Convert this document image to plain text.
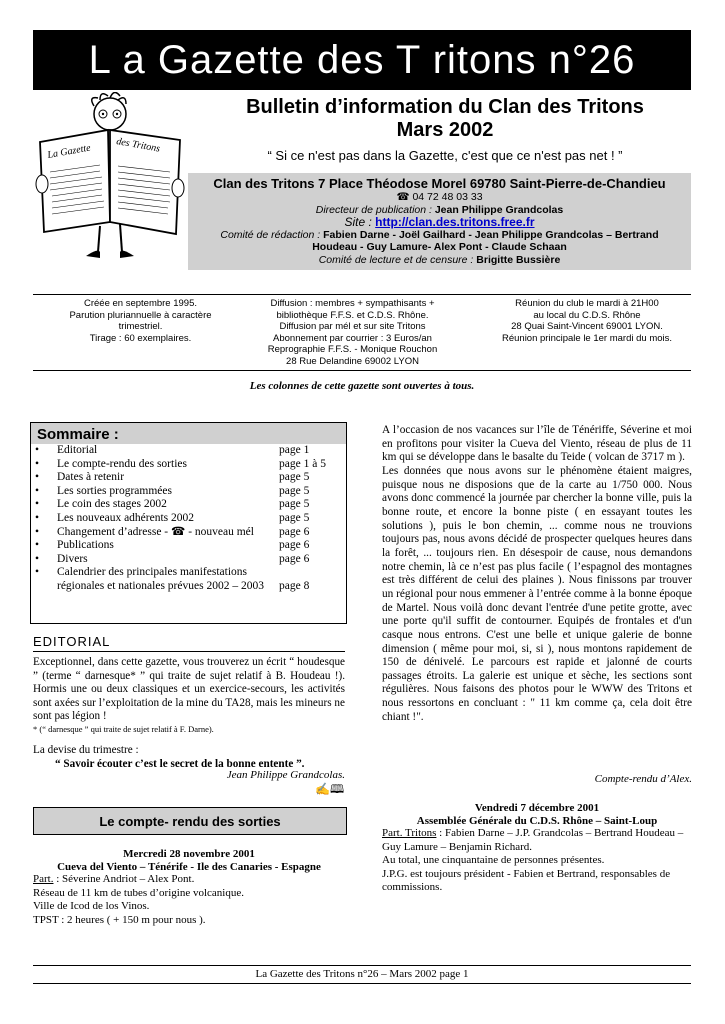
L a Gazette des T ritons n°26
La Gazette des Tritons
Bulletin d’information du Clan des Tritons
Mars 2002
“ Si ce n'est pas dans la Gazette, c'est que ce n'est pas net ! ”
Clan des Tritons 7 Place Théodose Morel 69780 Saint-Pierre-de-Chandieu
☎ 04 72 48 03 33
Directeur de publication : Jean Philippe Grandcolas
Site : http://clan.des.tritons.free.fr
Comité de rédaction : Fabien Darne - Joël Gailhard - Jean Philippe Grandcolas – Bertrand
Houdeau - Guy Lamure- Alex Pont - Claude Schaan
Comité de lecture et de censure : Brigitte Bussière
Créée en septembre 1995.
Parution pluriannuelle à caractère
trimestriel.
Tirage : 60 exemplaires.
Diffusion : membres + sympathisants +
bibliothèque F.F.S. et C.D.S. Rhône.
Diffusion par mél et sur site Tritons
Abonnement par courrier : 3 Euros/an
Reprographie F.F.S. - Monique Rouchon
28 Rue Delandine 69002 LYON
Réunion du club le mardi à 21H00
au local du C.D.S. Rhône
28 Quai Saint-Vincent 69001 LYON.
Réunion principale le 1er mardi du mois.
Les colonnes de cette gazette sont ouvertes à tous.
Sommaire :
•	Editorial	page 1
•	Le compte-rendu des sorties	page 1 à 5
•	Dates à retenir	page 5
•	Les sorties programmées	page 5
•	Le coin des stages 2002	page 5
•	Les nouveaux adhérents 2002	page 5
•	Changement d’adresse - ☎ - nouveau mél	page 6
•	Publications	page 6
•	Divers	page 6
•	Calendrier des principales manifestations régionales et nationales prévues 2002 – 2003	page 8
EDITORIAL
Exceptionnel, dans cette gazette, vous trouverez un écrit “ houdesque ” (terme “ darnesque* ” qui traite de sujet relatif à B. Houdeau !). Hormis une ou deux classiques et un exercice-secours, les activités sont axées sur l’exploitation de la mine du TA28, mais les mineurs ne sont pas légion !
* (“ darnesque ” qui traite de sujet relatif à F. Darne).
La devise du trimestre :
“ Savoir écouter c’est le secret de la bonne entente ”.
Jean Philippe Grandcolas.
✍🕮
Le compte- rendu des sorties
Mercredi 28 novembre 2001
Cueva del Viento – Ténérife - Ile des Canaries - Espagne
Part. : Séverine Andriot – Alex Pont.
Réseau de 11 km de tubes d’origine volcanique.
Ville de Icod de los Vinos.
TPST : 2 heures ( + 150 m pour nous ).

A l’occasion de nos vacances sur l’île de Ténériffe, Séverine et moi en profitons pour visiter la Cueva del Viento, réseau de plus de 11 km qui se développe dans le basalte du Teide ( volcan de 3717 m ).

Les données que nous avons sur le phénomène étaient maigres, puisque nous ne disposions que de la carte au 1/750 000. Nous avons donc commencé la journée par chercher la bonne ville, puis la bonne route, et encore la bonne piste ( en essayant toutes les solutions ), puis le bon chemin, ... comme nous ne trouvions toujours pas, nous avons décidé de prospecter quelques heures dans la forêt, ... toujours rien. En désespoir de cause, nous demandons notre chemin, là ce n’est pas plus facile ( l’espagnol des montagnes est très différent de celui des plaines ). Nous finissons par trouver un régional pour nous emmener à l’entrée comme à la bonne époque de Martel. Nous voilà donc devant l'entrée d'une petite grotte, avec une porte qu'il suffit de contourner. Equipés de frontales et d'un casque nous entrons. C'est une belle et unique galerie de bonne dimension ( même pour moi, si, si ), nous montons rapidement de 150 de dénivelé. Le parcours est rapide et jalonné de courts passages étroits. La galerie est unique et sèche, les sections sont régulières. Nous faisons des photos pour le WWW des Tritons et nous ressortons en concluant : " 11 km comme ça, cela doit être chiant !".

Compte-rendu d’Alex.
Vendredi 7 décembre 2001
Assemblée Générale du C.D.S. Rhône – Saint-Loup
Part. Tritons : Fabien Darne – J.P. Grandcolas – Bertrand Houdeau – Guy Lamure – Benjamin Richard.
Au total, une cinquantaine de personnes présentes.
J.P.G. est toujours président - Fabien et Bertrand, responsables de commissions.
La Gazette des Tritons n°26 – Mars 2002 page 1
